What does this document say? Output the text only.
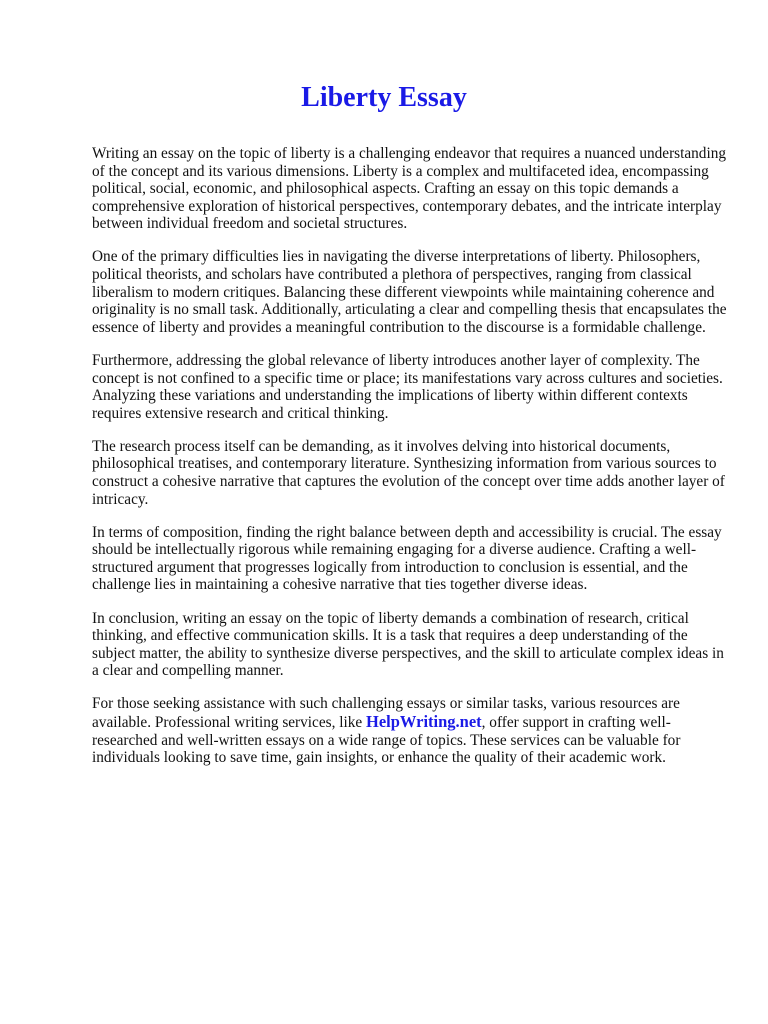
Liberty Essay

Writing an essay on the topic of liberty is a challenging endeavor that requires a nuanced understanding of the concept and its various dimensions. Liberty is a complex and multifaceted idea, encompassing political, social, economic, and philosophical aspects. Crafting an essay on this topic demands a comprehensive exploration of historical perspectives, contemporary debates, and the intricate interplay between individual freedom and societal structures.

One of the primary difficulties lies in navigating the diverse interpretations of liberty. Philosophers, political theorists, and scholars have contributed a plethora of perspectives, ranging from classical liberalism to modern critiques. Balancing these different viewpoints while maintaining coherence and originality is no small task. Additionally, articulating a clear and compelling thesis that encapsulates the essence of liberty and provides a meaningful contribution to the discourse is a formidable challenge.

Furthermore, addressing the global relevance of liberty introduces another layer of complexity. The concept is not confined to a specific time or place; its manifestations vary across cultures and societies. Analyzing these variations and understanding the implications of liberty within different contexts requires extensive research and critical thinking.

The research process itself can be demanding, as it involves delving into historical documents, philosophical treatises, and contemporary literature. Synthesizing information from various sources to construct a cohesive narrative that captures the evolution of the concept over time adds another layer of intricacy.

In terms of composition, finding the right balance between depth and accessibility is crucial. The essay should be intellectually rigorous while remaining engaging for a diverse audience. Crafting a well-structured argument that progresses logically from introduction to conclusion is essential, and the challenge lies in maintaining a cohesive narrative that ties together diverse ideas.

In conclusion, writing an essay on the topic of liberty demands a combination of research, critical thinking, and effective communication skills. It is a task that requires a deep understanding of the subject matter, the ability to synthesize diverse perspectives, and the skill to articulate complex ideas in a clear and compelling manner.

For those seeking assistance with such challenging essays or similar tasks, various resources are available. Professional writing services, like HelpWriting.net, offer support in crafting well-researched and well-written essays on a wide range of topics. These services can be valuable for individuals looking to save time, gain insights, or enhance the quality of their academic work.
